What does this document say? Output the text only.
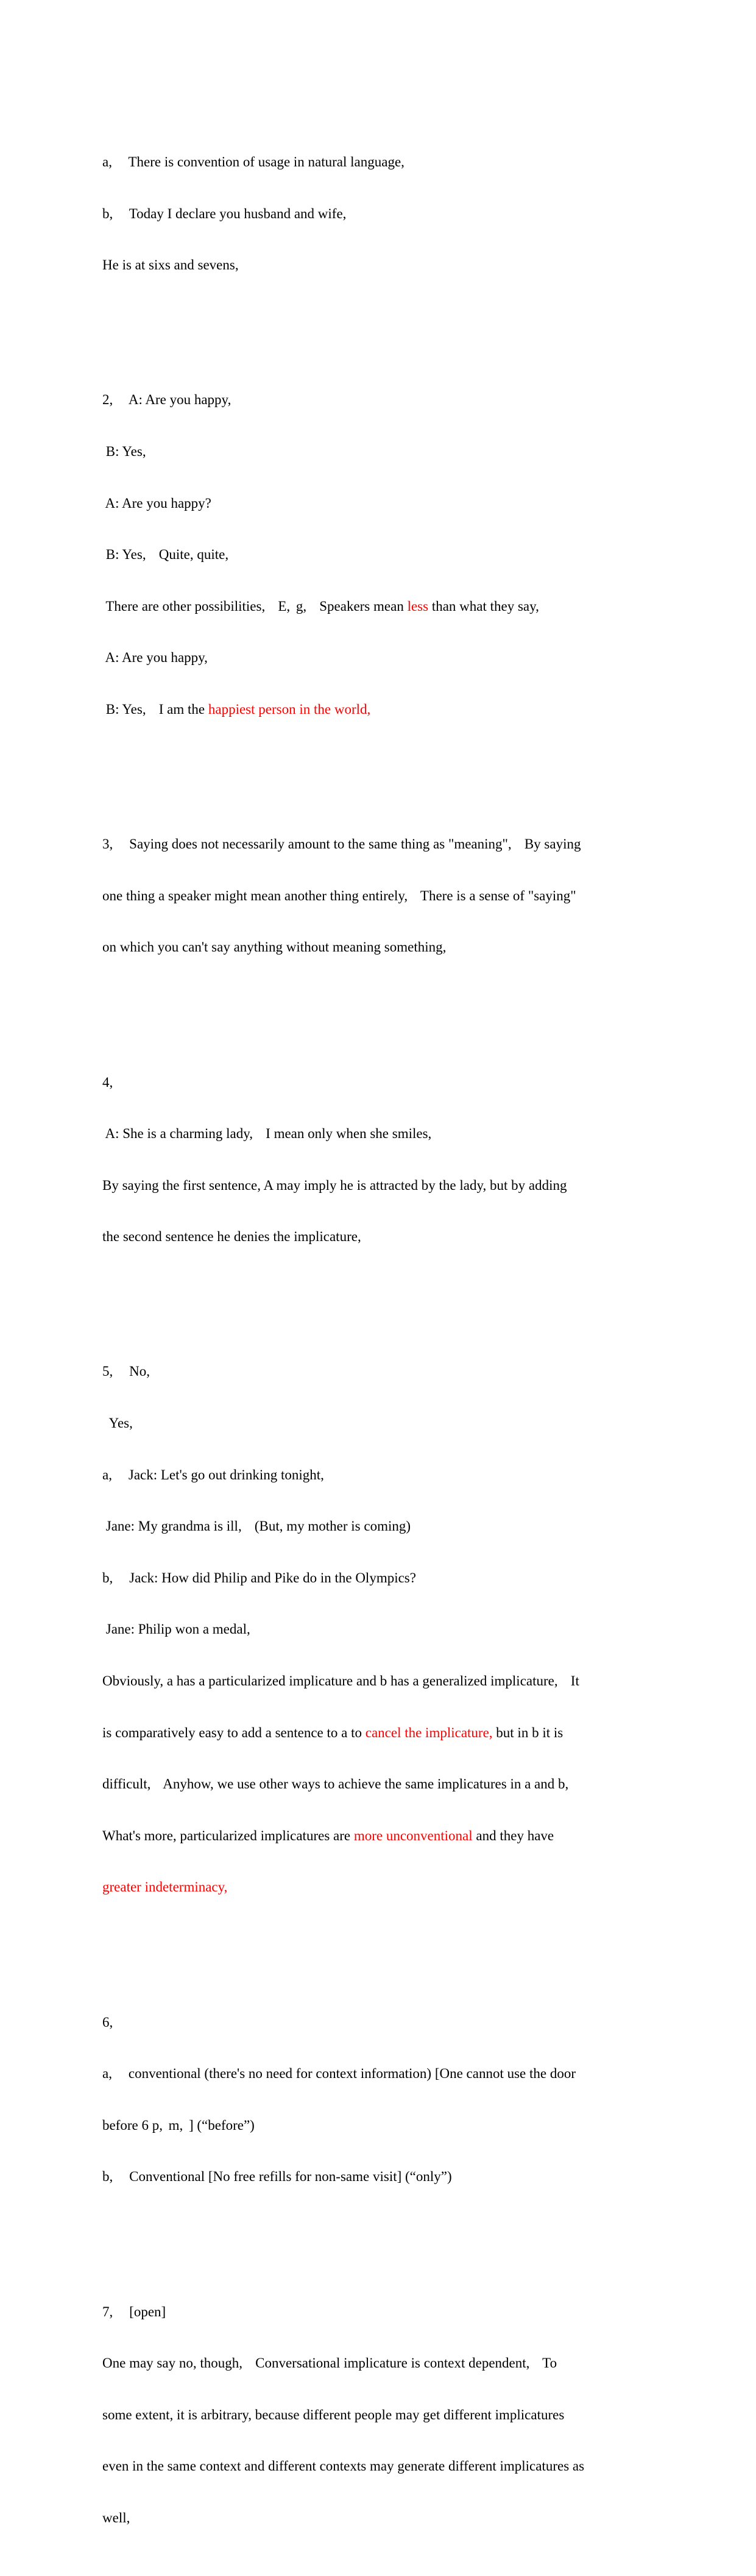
a,   There is convention of usage in natural language,

b,   Today I declare you husband and wife,

He is at sixs and sevens,

2,   A: Are you happy,

B: Yes,

A: Are you happy?

B: Yes,  Quite, quite,

There are other possibilities,  E, g,  Speakers mean less than what they say,

A: Are you happy,

B: Yes,  I am the happiest person in the world,

3,   Saying does not necessarily amount to the same thing as "meaning",  By saying

one thing a speaker might mean another thing entirely,  There is a sense of "saying"

on which you can't say anything without meaning something,

4,

A: She is a charming lady,  I mean only when she smiles,

By saying the first sentence, A may imply he is attracted by the lady, but by adding

the second sentence he denies the implicature,

5,   No,

Yes,

a,   Jack: Let's go out drinking tonight,

Jane: My grandma is ill,  (But, my mother is coming)

b,   Jack: How did Philip and Pike do in the Olympics?

Jane: Philip won a medal,

Obviously, a has a particularized implicature and b has a generalized implicature,  It

is comparatively easy to add a sentence to a to cancel the implicature, but in b it is

difficult,  Anyhow, we use other ways to achieve the same implicatures in a and b,

What's more, particularized implicatures are more unconventional and they have

greater indeterminacy,

6,

a,   conventional (there's no need for context information) [One cannot use the door

before 6 p, m, ] (“before”)

b,   Conventional [No free refills for non-same visit] (“only”)

7,   [open]

One may say no, though,  Conversational implicature is context dependent,  To

some extent, it is arbitrary, because different people may get different implicatures

even in the same context and different contexts may generate different implicatures as

well,
